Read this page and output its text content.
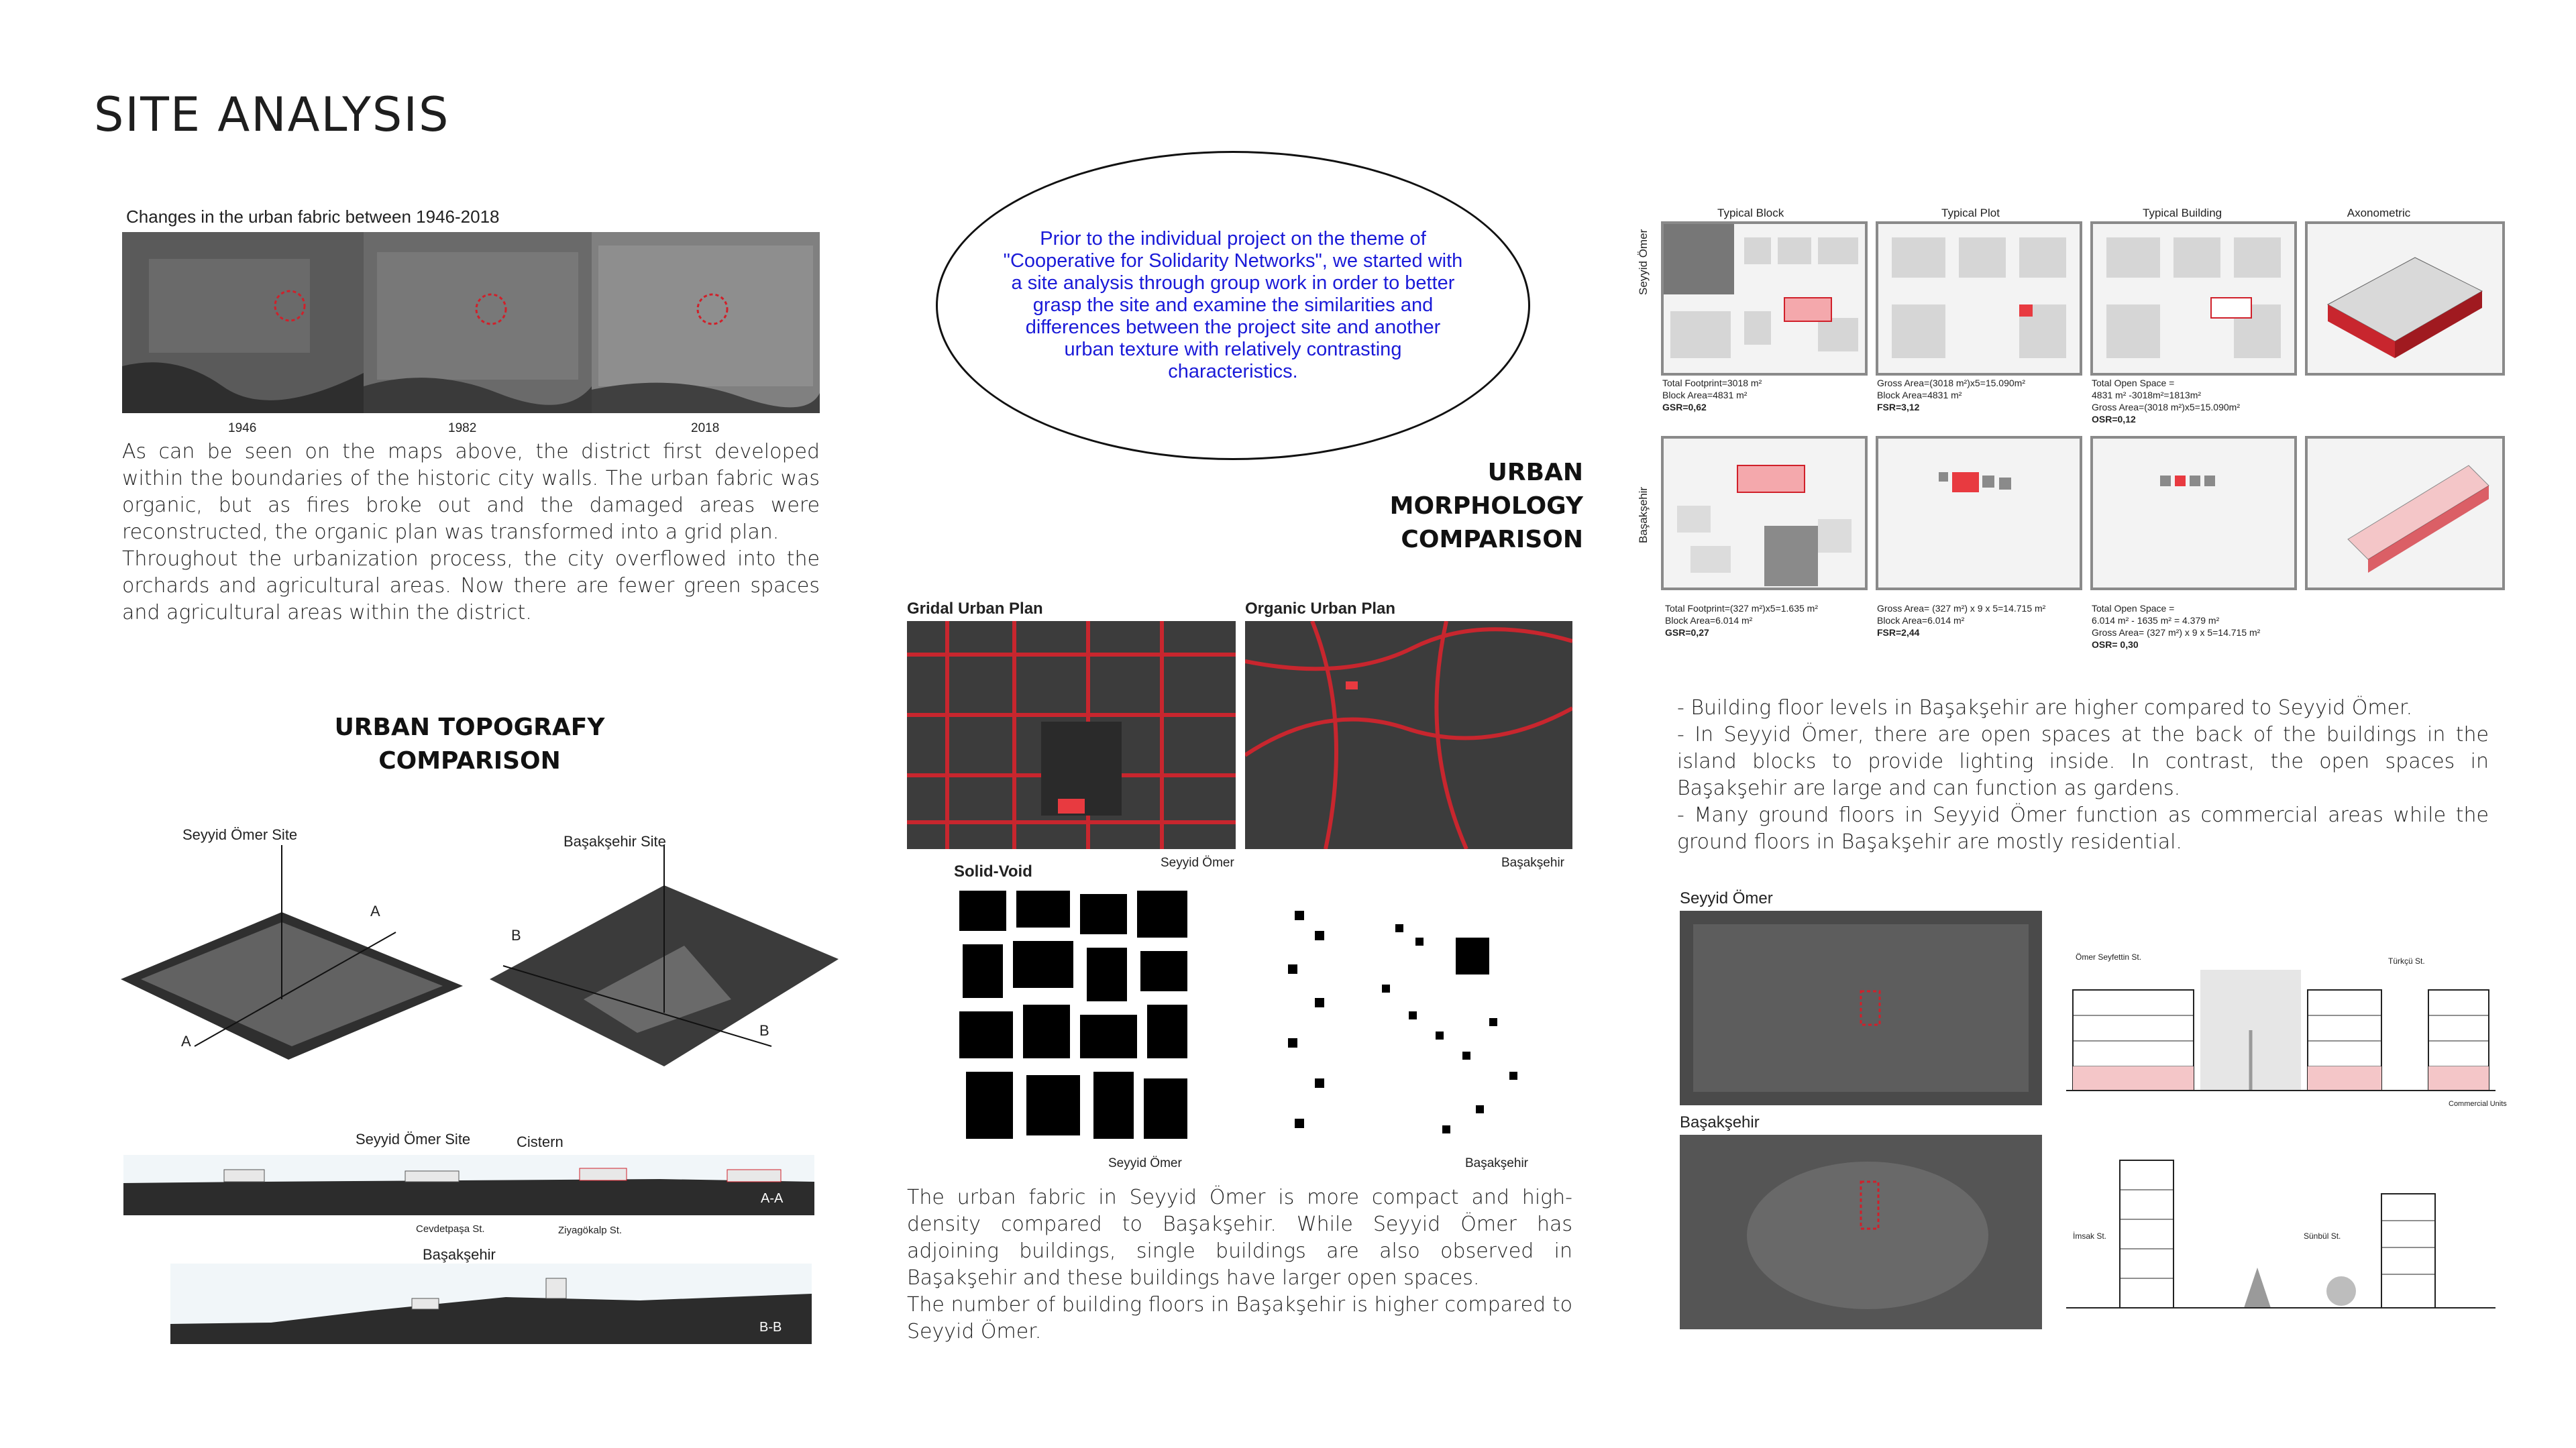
SITE ANALYSIS
Changes in the urban fabric between 1946-2018
1946	1982	2018
As can be seen on the maps above, the district first developed within the boundaries of the historic city walls. The urban fabric was organic, but as fires broke out and the damaged areas were reconstructed, the organic plan was transformed into a grid plan.
Throughout the urbanization process, the city overflowed into the orchards and agricultural areas. Now there are fewer green spaces and agricultural areas within the district.
Prior to the individual project on the theme of "Cooperative for Solidarity Networks", we started with a site analysis through group work in order to better grasp the site and examine the similarities and differences between the project site and another urban texture with relatively contrasting characteristics.
URBAN TOPOGRAFY
COMPARISON
Seyyid Ömer Site	Başakşehir Site
A
A
B
B
Seyyid Ömer Site	Cistern
A-A
Cevdetpaşa St.	Ziyagökalp St.
Başakşehir
B-B
URBAN
MORPHOLOGY
COMPARISON
Gridal Urban Plan	Organic Urban Plan
Seyyid Ömer	Başakşehir
Solid-Void
Seyyid Ömer	Başakşehir
The urban fabric in Seyyid Ömer is more compact and high-density compared to Başakşehir. While Seyyid Ömer has adjoining buildings, single buildings are also observed in Başakşehir and these buildings have larger open spaces.
The number of building floors in Başakşehir is higher compared to Seyyid Ömer.
Typical Block	Typical Plot	Typical Building	Axonometric
Seyyid Ömer
Başakşehir
Total Footprint=3018 m²
Block Area=4831 m²
GSR=0,62
Gross Area=(3018 m²)x5=15.090m²
Block Area=4831 m²
FSR=3,12
Total Open Space =
4831 m² -3018m²=1813m²
Gross Area=(3018 m²)x5=15.090m²
OSR=0,12
Total Footprint=(327 m²)x5=1.635 m²
Block Area=6.014 m²
GSR=0,27
Gross Area= (327 m²) x 9 x 5=14.715 m²
Block Area=6.014 m²
FSR=2,44
Total Open Space =
6.014 m² - 1635 m² = 4.379 m²
Gross Area= (327 m²) x 9 x 5=14.715 m²
OSR= 0,30
- Building floor levels in Başakşehir are higher compared to Seyyid Ömer.
- In Seyyid Ömer, there are open spaces at the back of the buildings in the island blocks to provide lighting inside. In contrast, the open spaces in Başakşehir are large and can function as gardens.
- Many ground floors in Seyyid Ömer function as commercial areas while the ground floors in Başakşehir are mostly residential.
Seyyid Ömer
Başakşehir
Ömer Seyfettin St.	Türkçü St.
Commercial Units
İmsak St.	Sünbül St.
